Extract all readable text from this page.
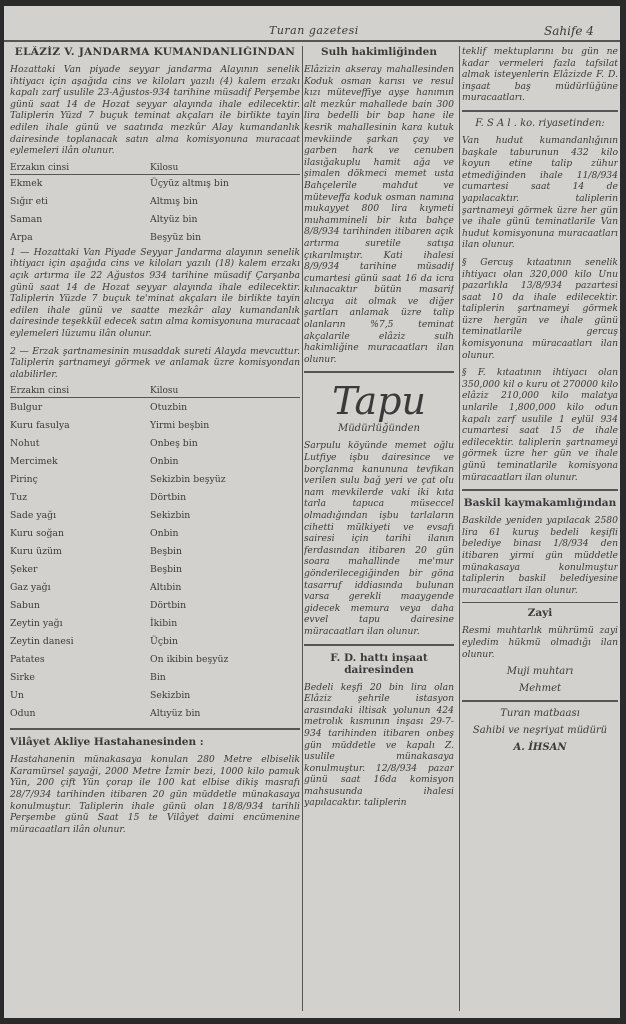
Turan gazetesi	Sahife 4
ELÂZİZ V. JANDARMA KUMANDANLIĞINDAN

Hozattaki Van piyade seyyar jandarma Alayının senelik ihtiyacı için aşağıda cins ve kiloları yazılı (4) kalem erzakı kapalı zarf usulile 23-Ağustos-934 tarihine müsadif Perşembe günü saat 14 de Hozat seyyar alayında ihale edilecektir. Taliplerin Yüzd 7 buçuk teminat akçaları ile birlikte tayin edilen ihale günü ve saatında mezkûr Alay kumandanlık dairesinde toplanacak satın alma komisyonuna muracaat eylemeleri ilân olunur.

Erzakın cinsi	Kilosu
Ekmek	Üçyüz altmış bin
Sığır eti	Altmış bin
Saman	Altyüz bin
Arpa	Beşyüz bin

1 — Hozattaki Van Piyade Seyyar Jandarma alayının senelik ihtiyacı için aşağıda cins ve kiloları yazılı (18) kalem erzakı açık artırma ile 22 Ağustos 934 tarihine müsadif Çarşanba günü saat 14 de Hozat seyyar alayında ihale edilecektir. Taliplerin Yüzde 7 buçuk te'minat akçaları ile birlikte tayin edilen ihale günü ve saatte mezkâr alay kumandanlık dairesinde teşekkül edecek satın alma komisyonuna muracaat eylemeleri lüzumu ilân olunur.

2 — Erzak şartnamesinin musaddak sureti Alayda mevcuttur. Taliplerin şartnameyi görmek ve anlamak üzre komisyondan alabilirler.

Erzakın cinsi	Kilosu
Bulgur	Otuzbin
Kuru fasulya	Yirmi beşbin
Nohut	Onbeş bin
Mercimek	Onbin
Pirinç	Sekizbin beşyüz
Tuz	Dörtbin
Sade yağı	Sekizbin
Kuru soğan	Onbin
Kuru üzüm	Beşbin
Şeker	Beşbin
Gaz yağı	Altıbin
Sabun	Dörtbin
Zeytin yağı	İkibin
Zeytin danesi	Üçbin
Patates	On ikibin beşyüz
Sirke	Bin
Un	Sekizbin
Odun	Altıyüz bin
Vilâyet Akliye Hastahanesinden :

Hastahanenin münakasaya konulan 280 Metre elbiselik Karamürsel şayaği, 2000 Metre İzmir bezi, 1000 kilo pamuk Yün, 200 çift Yün çorap ile 100 kat elbise dikiş masrafı 28/7/934 tarihinden itibaren 20 gün müddetle münakasaya konulmuştur. Taliplerin ihale günü olan 18/8/934 tarihli Perşembe günü Saat 15 te Vilâyet daimi encümenine müracaatları ilân olunur.

Sulh hakimliğinden

Elâzizin akseray mahallesinden Koduk osman karısı ve resul kızı müteveffiye ayşe hanımın alt mezkûr mahallede bain 300 lira bedelli bir bap hane ile kesrik mahallesinin kara kutuk mevkiinde şarkan çay ve garben hark ve cenuben ilasığakuplu hamit ağa ve şimalen dökmeci memet usta Bahçelerile mahdut ve müteveffa koduk osman namına mukayyet 800 lira kıymeti muhammineli bir kıta bahçe 8/8/934 tarihinden itibaren açık artırma suretile satışa çıkarılmıştır. Kati ihalesi 8/9/934 tarihine müsadif cumartesi günü saat 16 da icra kılınacaktır bütün masarif alıcıya ait olmak ve diğer şartları anlamak üzre talip olanların %7,5 teminat akçalarile elâziz sulh hakimliğine muracaatları ilan olunur.

Tapu
Müdürlüğünden

Sarpulu köyünde memet oğlu Lutfiye işbu dairesince ve borçlanma kanununa tevfikan verilen sulu bağ yeri ve çat olu nam mevkilerde vaki iki kıta tarla tapuca müseccel olmadığından işbu tarlaların cihetti mülkiyeti ve evsafı sairesi için tarihi ilanın ferdasından itibaren 20 gün soara mahallinde me'mur gönderilecegiğinden bir göna tasarruf iddiasında bulunan varsa gerekli maaygende gidecek memura veya daha evvel tapu dairesine müracaatları ilan olunur.

F. D. hattı inşaat dairesinden

Bedeli keşfi 20 bin lira olan Elâziz şehrile istasyon arasındaki iltisak yolunun 424 metrolık kısmının inşası 29-7-934 tarihinden itibaren onbeş gün müddetle ve kapalı Z. usulile münakasaya konulmuştur. 12/8/934 pazar günü saat 16da komisyon mahsusunda ihalesi yapılacaktır. taliplerin

teklif mektuplarını bu gün ne kadar vermeleri fazla tafsilat almak isteyenlerin Elâzizde F. D. inşaat baş müdürlüğüne muracaatları.

F. S A l . ko. riyasetinden:

Van hudut kumandanlığının başkale taburunun 432 kilo koyun etine talip zühur etmediğinden ihale 11/8/934 cumartesi saat 14 de yapılacaktır. taliplerin şartnameyi görmek üzre her gün ve ihale günü teminatlarile Van hudut komisyonuna muracaatları ilan olunur.

§ Gercuş kıtaatının senelik ihtiyacı olan 320,000 kilo Unu pazarlıkla 13/8/934 pazartesi saat 10 da ihale edilecektir. taliplerin şartnameyi görmek üzre hergün ve ihale günü teminatlarile gercuş komisyonuna müracaatları ilan olunur.

§ F. kıtaatının ihtiyacı olan 350,000 kil o kuru ot 270000 kilo elâziz 210,000 kilo malatya unlarile 1,800,000 kilo odun kapalı zarf usulile 1 eylül 934 cumartesi saat 15 de ihale edilecektir. taliplerin şartnameyi görmek üzre her gün ve ihale günü teminatlarile komisyona müracaatları ilan olunur.

Baskil kaymakamlığından

Baskilde yeniden yapılacak 2580 lira 61 kuruş bedeli keşifli belediye binası 1/8/934 den itibaren yirmi gün müddetle münakasaya konulmuştur taliplerin baskil belediyesine muracaatları ilan olunur.

Zayi

Resmi muhtarlık mührümü zayi eyledim hükmü olmadığı ilan olunur.

Muji muhtarı
Mehmet
Turan matbaası
Sahibi ve neşriyat müdürü
A. İHSAN
